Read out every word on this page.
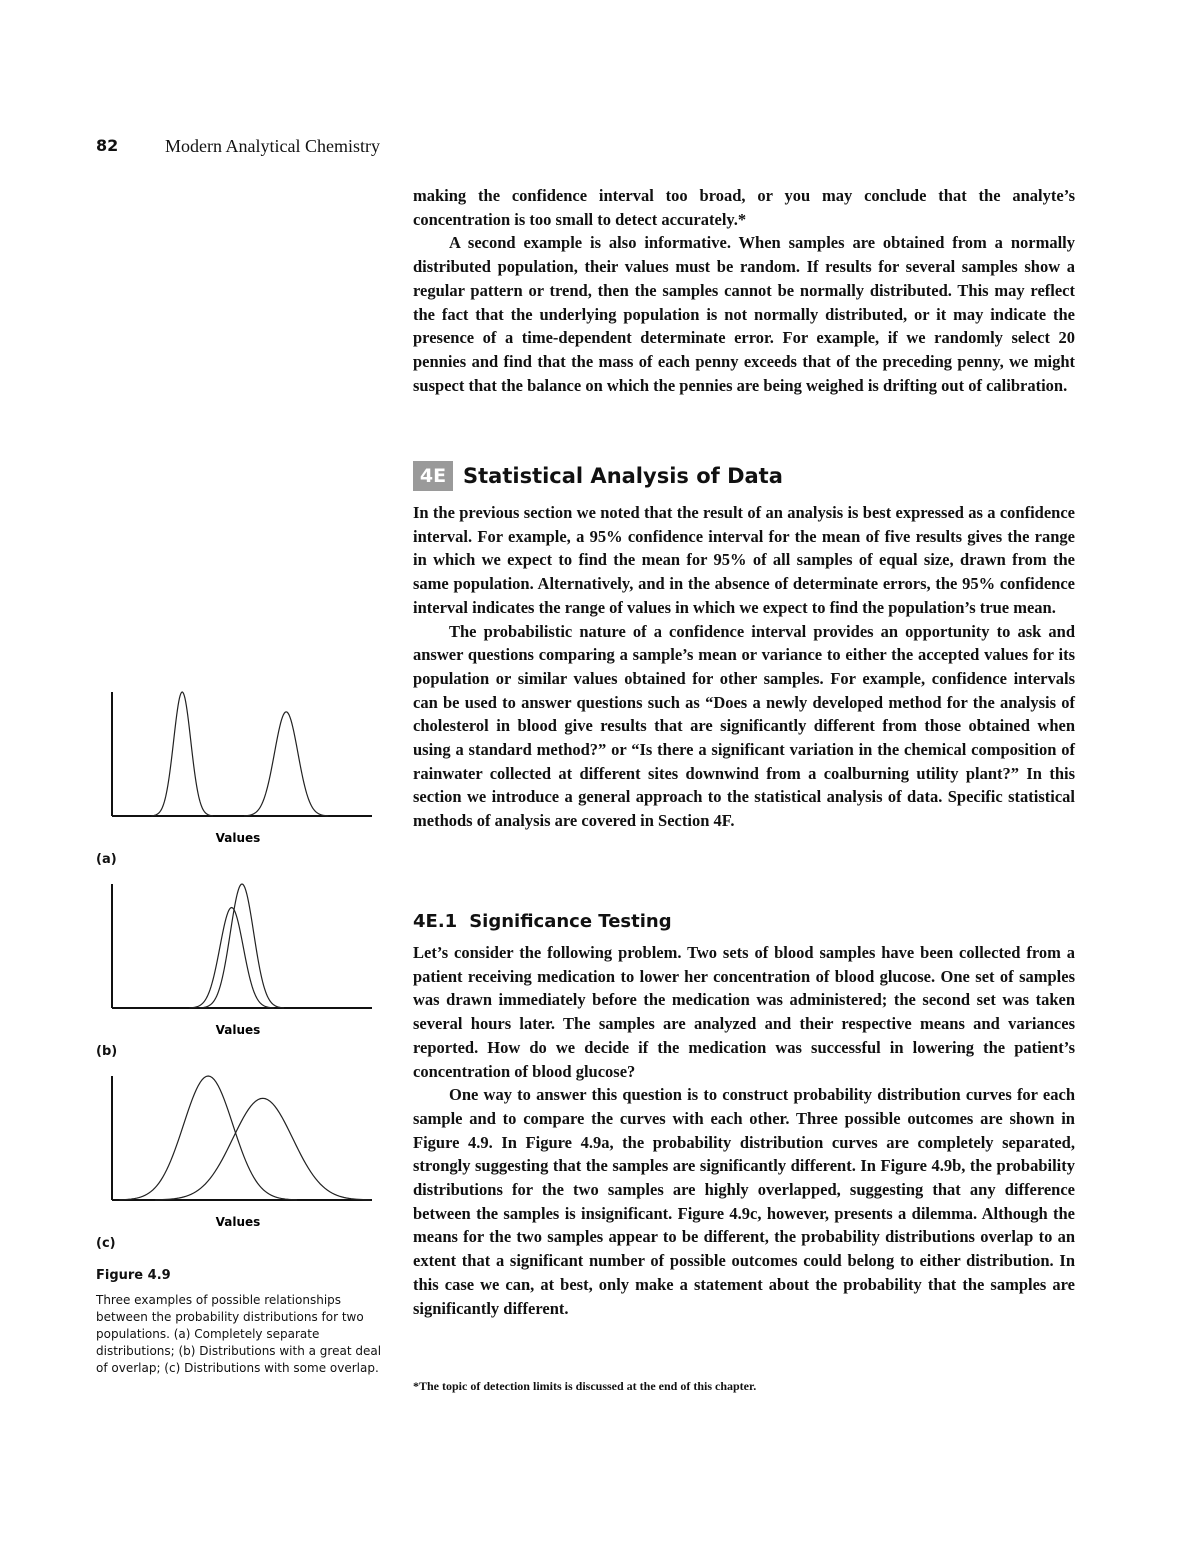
82	Modern Analytical Chemistry

making the confidence interval too broad, or you may conclude that the analyte’s concentration is too small to detect accurately.*

A second example is also informative. When samples are obtained from a normally distributed population, their values must be random. If results for several samples show a regular pattern or trend, then the samples cannot be normally distributed. This may reflect the fact that the underlying population is not normally distributed, or it may indicate the presence of a time-dependent determinate error. For example, if we randomly select 20 pennies and find that the mass of each penny exceeds that of the preceding penny, we might suspect that the balance on which the pennies are being weighed is drifting out of calibration.

4E Statistical Analysis of Data

In the previous section we noted that the result of an analysis is best expressed as a confidence interval. For example, a 95% confidence interval for the mean of five results gives the range in which we expect to find the mean for 95% of all samples of equal size, drawn from the same population. Alternatively, and in the absence of determinate errors, the 95% confidence interval indicates the range of values in which we expect to find the population’s true mean.

The probabilistic nature of a confidence interval provides an opportunity to ask and answer questions comparing a sample’s mean or variance to either the accepted values for its population or similar values obtained for other samples. For example, confidence intervals can be used to answer questions such as “Does a newly developed method for the analysis of cholesterol in blood give results that are significantly different from those obtained when using a standard method?” or “Is there a significant variation in the chemical composition of rainwater collected at different sites downwind from a coalburning utility plant?” In this section we introduce a general approach to the statistical analysis of data. Specific statistical methods of analysis are covered in Section 4F.

4E.1 Significance Testing

Let’s consider the following problem. Two sets of blood samples have been collected from a patient receiving medication to lower her concentration of blood glucose. One set of samples was drawn immediately before the medication was administered; the second set was taken several hours later. The samples are analyzed and their respective means and variances reported. How do we decide if the medication was successful in lowering the patient’s concentration of blood glucose?

One way to answer this question is to construct probability distribution curves for each sample and to compare the curves with each other. Three possible outcomes are shown in Figure 4.9. In Figure 4.9a, the probability distribution curves are completely separated, strongly suggesting that the samples are significantly different. In Figure 4.9b, the probability distributions for the two samples are highly overlapped, suggesting that any difference between the samples is insignificant. Figure 4.9c, however, presents a dilemma. Although the means for the two samples appear to be different, the probability distributions overlap to an extent that a significant number of possible outcomes could belong to either distribution. In this case we can, at best, only make a statement about the probability that the samples are significantly different.

*The topic of detection limits is discussed at the end of this chapter.
Values
Values
Values
(a)
(b)
(c)
Figure 4.9
Three examples of possible relationships between the probability distributions for two populations. (a) Completely separate distributions; (b) Distributions with a great deal of overlap; (c) Distributions with some overlap.
